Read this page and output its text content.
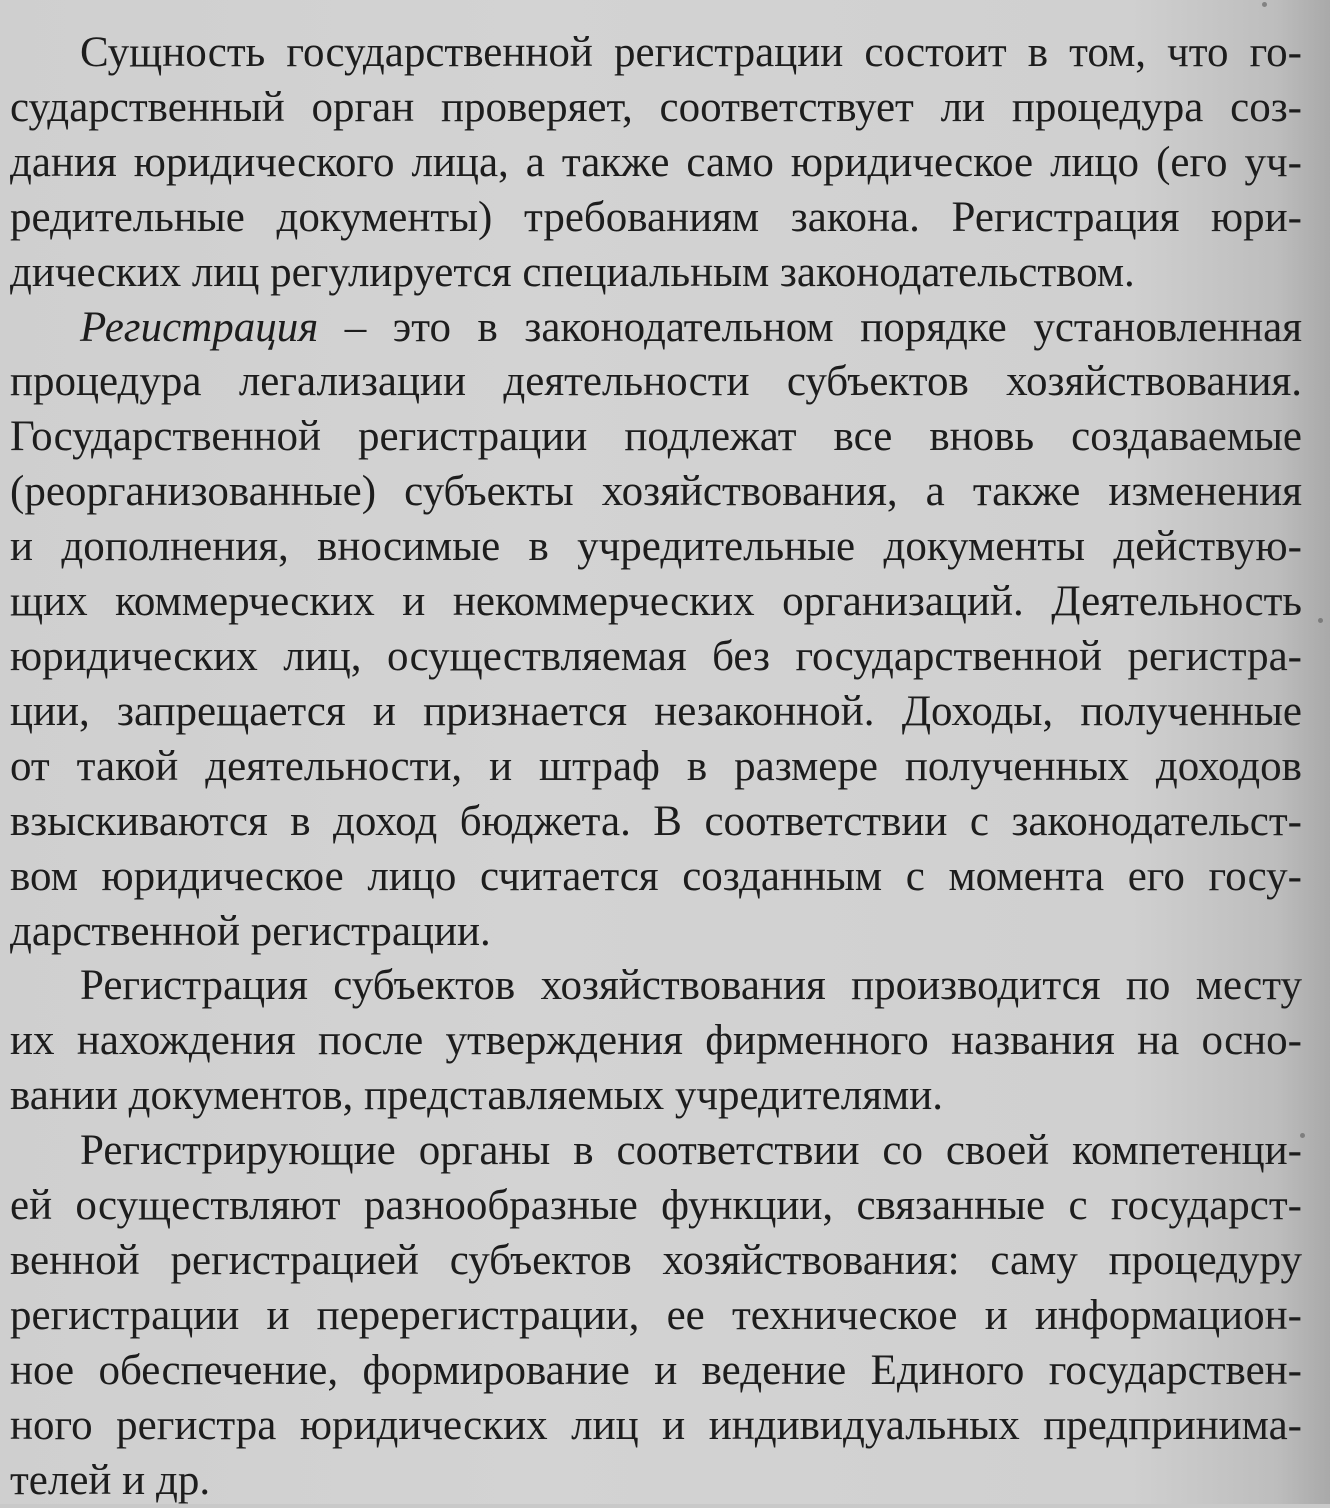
Сущность государственной регистрации состоит в том, что го-
сударственный орган проверяет, соответствует ли процедура соз-
дания юридического лица, а также само юридическое лицо (его уч-
редительные документы) требованиям закона. Регистрация юри-
дических лиц регулируется специальным законодательством.
Регистрация – это в законодательном порядке установленная
процедура легализации деятельности субъектов хозяйствования.
Государственной регистрации подлежат все вновь создаваемые
(реорганизованные) субъекты хозяйствования, а также изменения
и дополнения, вносимые в учредительные документы действую-
щих коммерческих и некоммерческих организаций. Деятельность
юридических лиц, осуществляемая без государственной регистра-
ции, запрещается и признается незаконной. Доходы, полученные
от такой деятельности, и штраф в размере полученных доходов
взыскиваются в доход бюджета. В соответствии с законодательст-
вом юридическое лицо считается созданным с момента его госу-
дарственной регистрации.
Регистрация субъектов хозяйствования производится по месту
их нахождения после утверждения фирменного названия на осно-
вании документов, представляемых учредителями.
Регистрирующие органы в соответствии со своей компетенци-
ей осуществляют разнообразные функции, связанные с государст-
венной регистрацией субъектов хозяйствования: саму процедуру
регистрации и перерегистрации, ее техническое и информацион-
ное обеспечение, формирование и ведение Единого государствен-
ного регистра юридических лиц и индивидуальных предпринима-
телей и др.
